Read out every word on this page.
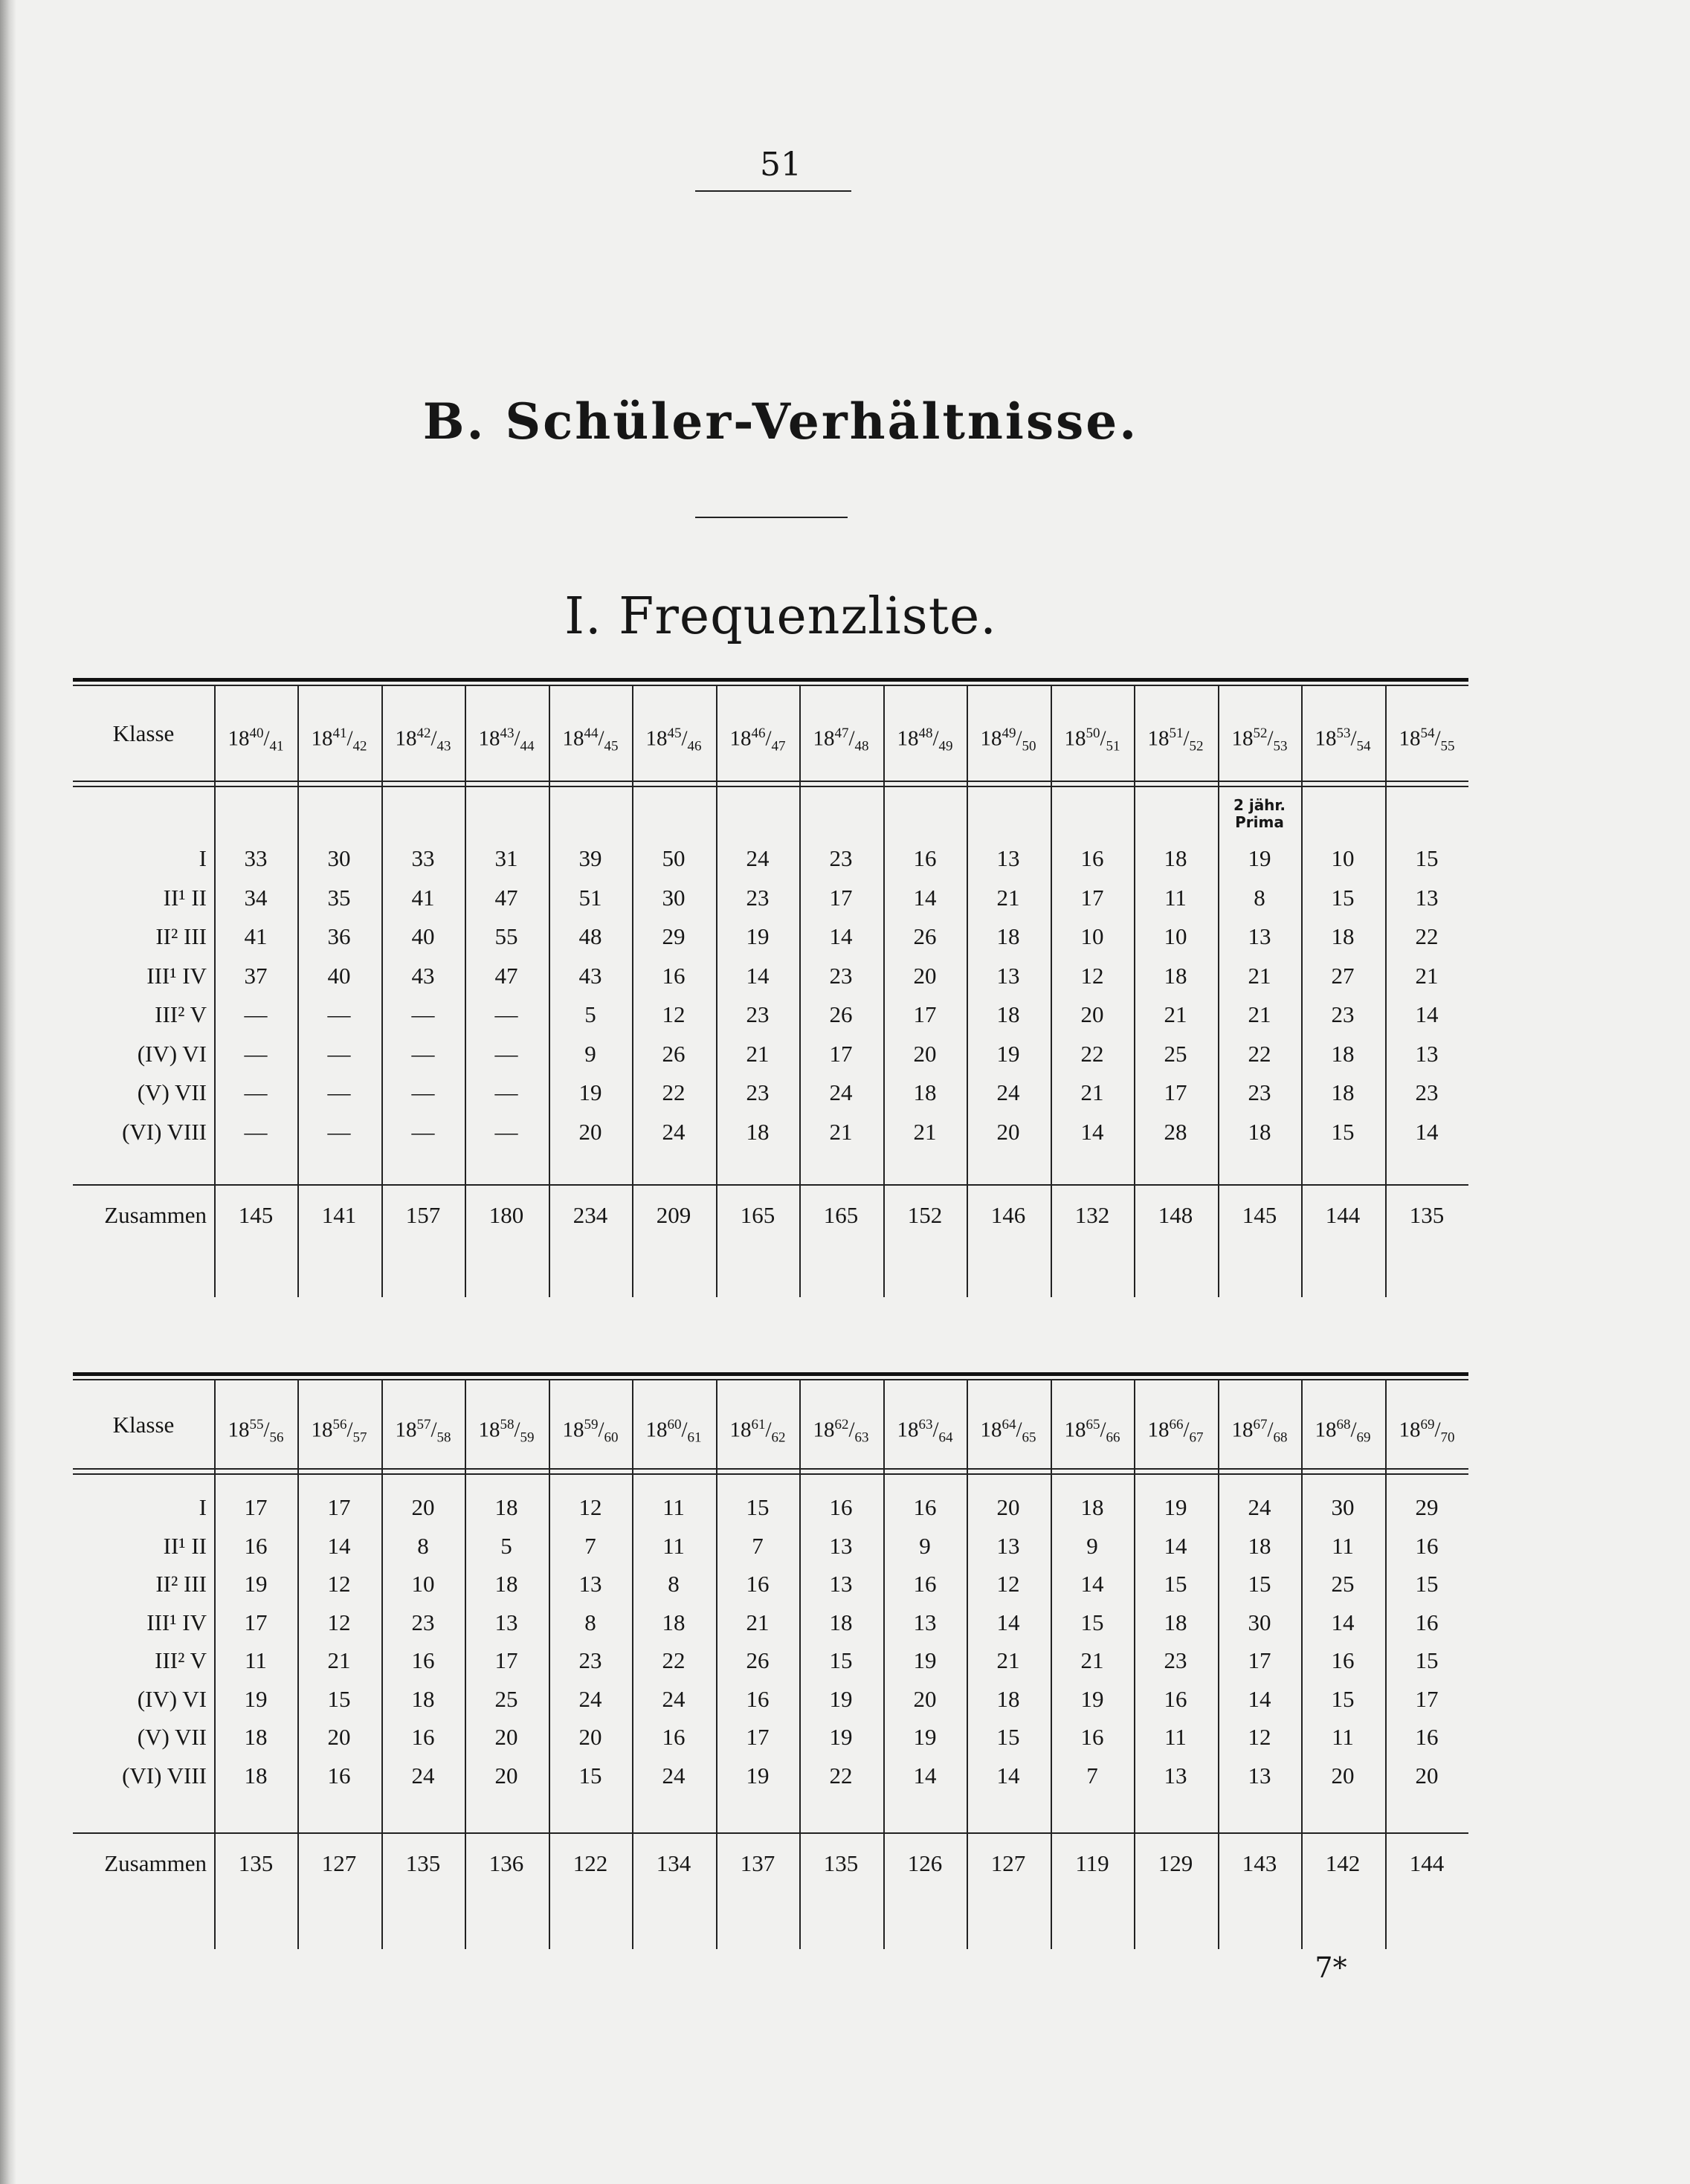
51
B. Schüler-Verhältnisse.
I. Frequenzliste.
Klasse	$18^{40}/_{41}$	$18^{41}/_{42}$	$18^{42}/_{43}$	$18^{43}/_{44}$	$18^{44}/_{45}$	$18^{45}/_{46}$	$18^{46}/_{47}$	$18^{47}/_{48}$	$18^{48}/_{49}$	$18^{49}/_{50}$	$18^{50}/_{51}$	$18^{51}/_{52}$	$18^{52}/_{53}$	$18^{53}/_{54}$	$18^{54}/_{55}$
2 jähr.
Prima
I	33	30	33	31	39	50	24	23	16	13	16	18	19	10	15
II¹ II	34	35	41	47	51	30	23	17	14	21	17	11	8	15	13
II² III	41	36	40	55	48	29	19	14	26	18	10	10	13	18	22
III¹ IV	37	40	43	47	43	16	14	23	20	13	12	18	21	27	21
III² V	—	—	—	—	5	12	23	26	17	18	20	21	21	23	14
(IV) VI	—	—	—	—	9	26	21	17	20	19	22	25	22	18	13
(V) VII	—	—	—	—	19	22	23	24	18	24	21	17	23	18	23
(VI) VIII	—	—	—	—	20	24	18	21	21	20	14	28	18	15	14
Zusammen	145	141	157	180	234	209	165	165	152	146	132	148	145	144	135
Klasse	$18^{55}/_{56}$	$18^{56}/_{57}$	$18^{57}/_{58}$	$18^{58}/_{59}$	$18^{59}/_{60}$	$18^{60}/_{61}$	$18^{61}/_{62}$	$18^{62}/_{63}$	$18^{63}/_{64}$	$18^{64}/_{65}$	$18^{65}/_{66}$	$18^{66}/_{67}$	$18^{67}/_{68}$	$18^{68}/_{69}$	$18^{69}/_{70}$
I	17	17	20	18	12	11	15	16	16	20	18	19	24	30	29
II¹ II	16	14	8	5	7	11	7	13	9	13	9	14	18	11	16
II² III	19	12	10	18	13	8	16	13	16	12	14	15	15	25	15
III¹ IV	17	12	23	13	8	18	21	18	13	14	15	18	30	14	16
III² V	11	21	16	17	23	22	26	15	19	21	21	23	17	16	15
(IV) VI	19	15	18	25	24	24	16	19	20	18	19	16	14	15	17
(V) VII	18	20	16	20	20	16	17	19	19	15	16	11	12	11	16
(VI) VIII	18	16	24	20	15	24	19	22	14	14	7	13	13	20	20
Zusammen	135	127	135	136	122	134	137	135	126	127	119	129	143	142	144
7*
